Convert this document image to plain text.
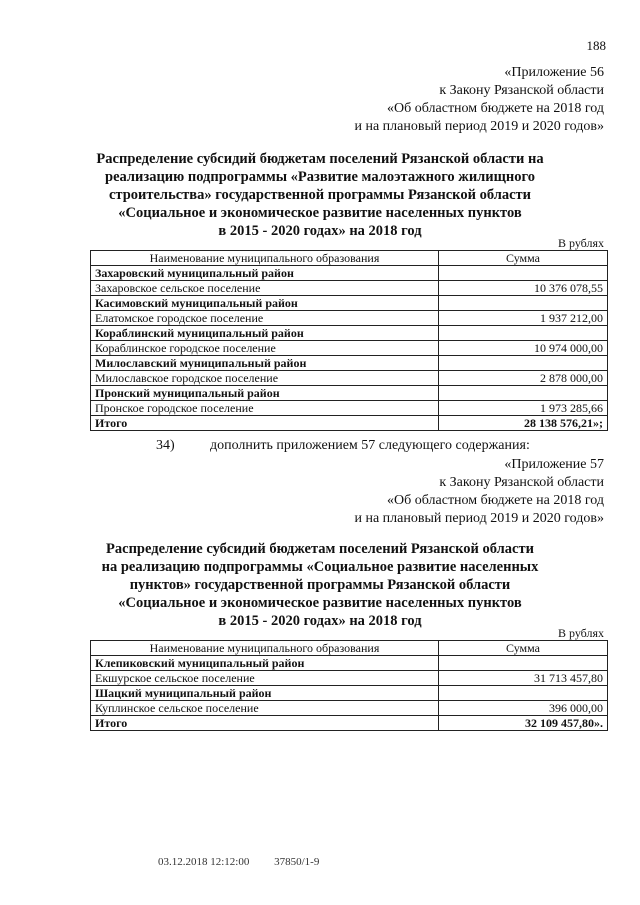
188
«Приложение 56
к Закону Рязанской области
«Об областном бюджете на 2018 год
и на плановый период 2019 и 2020 годов»
Распределение субсидий бюджетам поселений Рязанской области на
реализацию подпрограммы «Развитие малоэтажного жилищного
строительства» государственной программы Рязанской области
«Социальное и экономическое развитие населенных пунктов
в 2015 - 2020 годах» на 2018 год
В рублях
Наименование муниципального образования	Сумма
Захаровский муниципальный район	
Захаровское сельское поселение	10 376 078,55
Касимовский муниципальный район	
Елатомское городское поселение	1 937 212,00
Кораблинский муниципальный район	
Кораблинское городское поселение	10 974 000,00
Милославский муниципальный район	
Милославское городское поселение	2 878 000,00
Пронский муниципальный район	
Пронское городское поселение	1 973 285,66
Итого	28 138 576,21»;
34)	дополнить приложением 57 следующего содержания:
«Приложение 57
к Закону Рязанской области
«Об областном бюджете на 2018 год
и на плановый период 2019 и 2020 годов»
Распределение субсидий бюджетам поселений Рязанской области
на реализацию подпрограммы «Социальное развитие населенных
пунктов» государственной программы Рязанской области
«Социальное и экономическое развитие населенных пунктов
в 2015 - 2020 годах» на 2018 год
В рублях
Наименование муниципального образования	Сумма
Клепиковский муниципальный район	
Екшурское сельское поселение	31 713 457,80
Шацкий муниципальный район	
Куплинское сельское поселение	396 000,00
Итого	32 109 457,80».
03.12.2018 12:12:00 37850/1-9
